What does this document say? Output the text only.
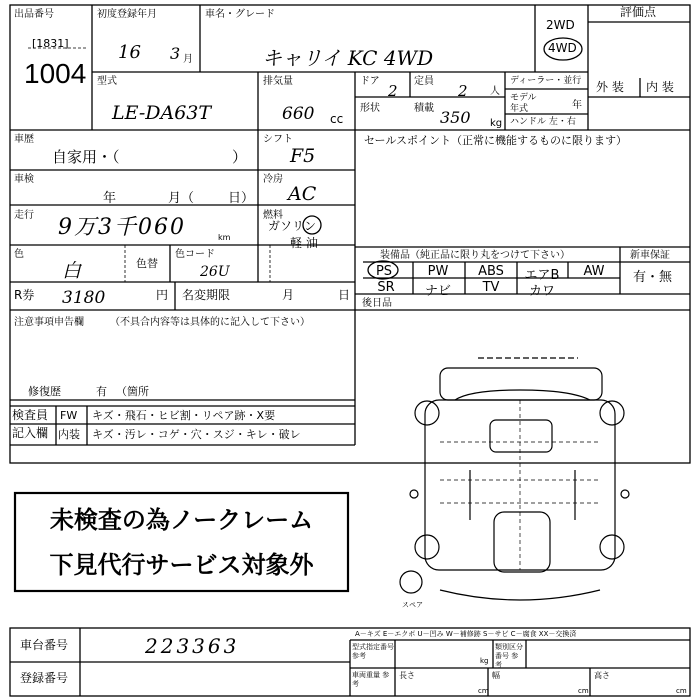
出品番号
[1831]
1004
初度登録年月
16 3 月
車名・グレード
キャリイ KC 4WD
2WD
4WD
評価点
型式
LE-DA63T
排気量
660 cc
ドア
2
定員
2 人
形状	積載 350 kg
ディーラー・並行
モデル 年式	年
ハンドル 左・右
外 装 内 装
車歴
自家用・（	）
シフト
F5
セールスポイント（正常に機能するものに限ります）
車検
年	月（	日）
冷房
AC
走行 9万3千060	km
燃料
ガソリン
軽 油
色
白	色替
色コード
26U
R券 3180	円 名変期限	月	日
装備品（純正品に限り丸をつけて下さい）
PS	PW	ABS	エアB	AW
SR	ナビ	TV	カワ
新車保証
有・無
後日品
注意事項申告欄	（不具合内容等は具体的に記入して下さい）
修復歴	有 （箇所
検査員
記入欄
FW キズ・飛石・ヒビ割・リペア跡・X要
内装 キズ・汚レ・コゲ・穴・スジ・キレ・破レ
未検査の為ノークレーム
下見代行サービス対象外
スペア
A－キズ E－エクボ U－凹み W－補修跡 S－サビ C－腐食 XX－交換済
車台番号	223363
登録番号
型式指定番号 参考
類別区分番号 参考
車両重量 参考
長さ	幅	高さ
cm	cm	cm
kg
